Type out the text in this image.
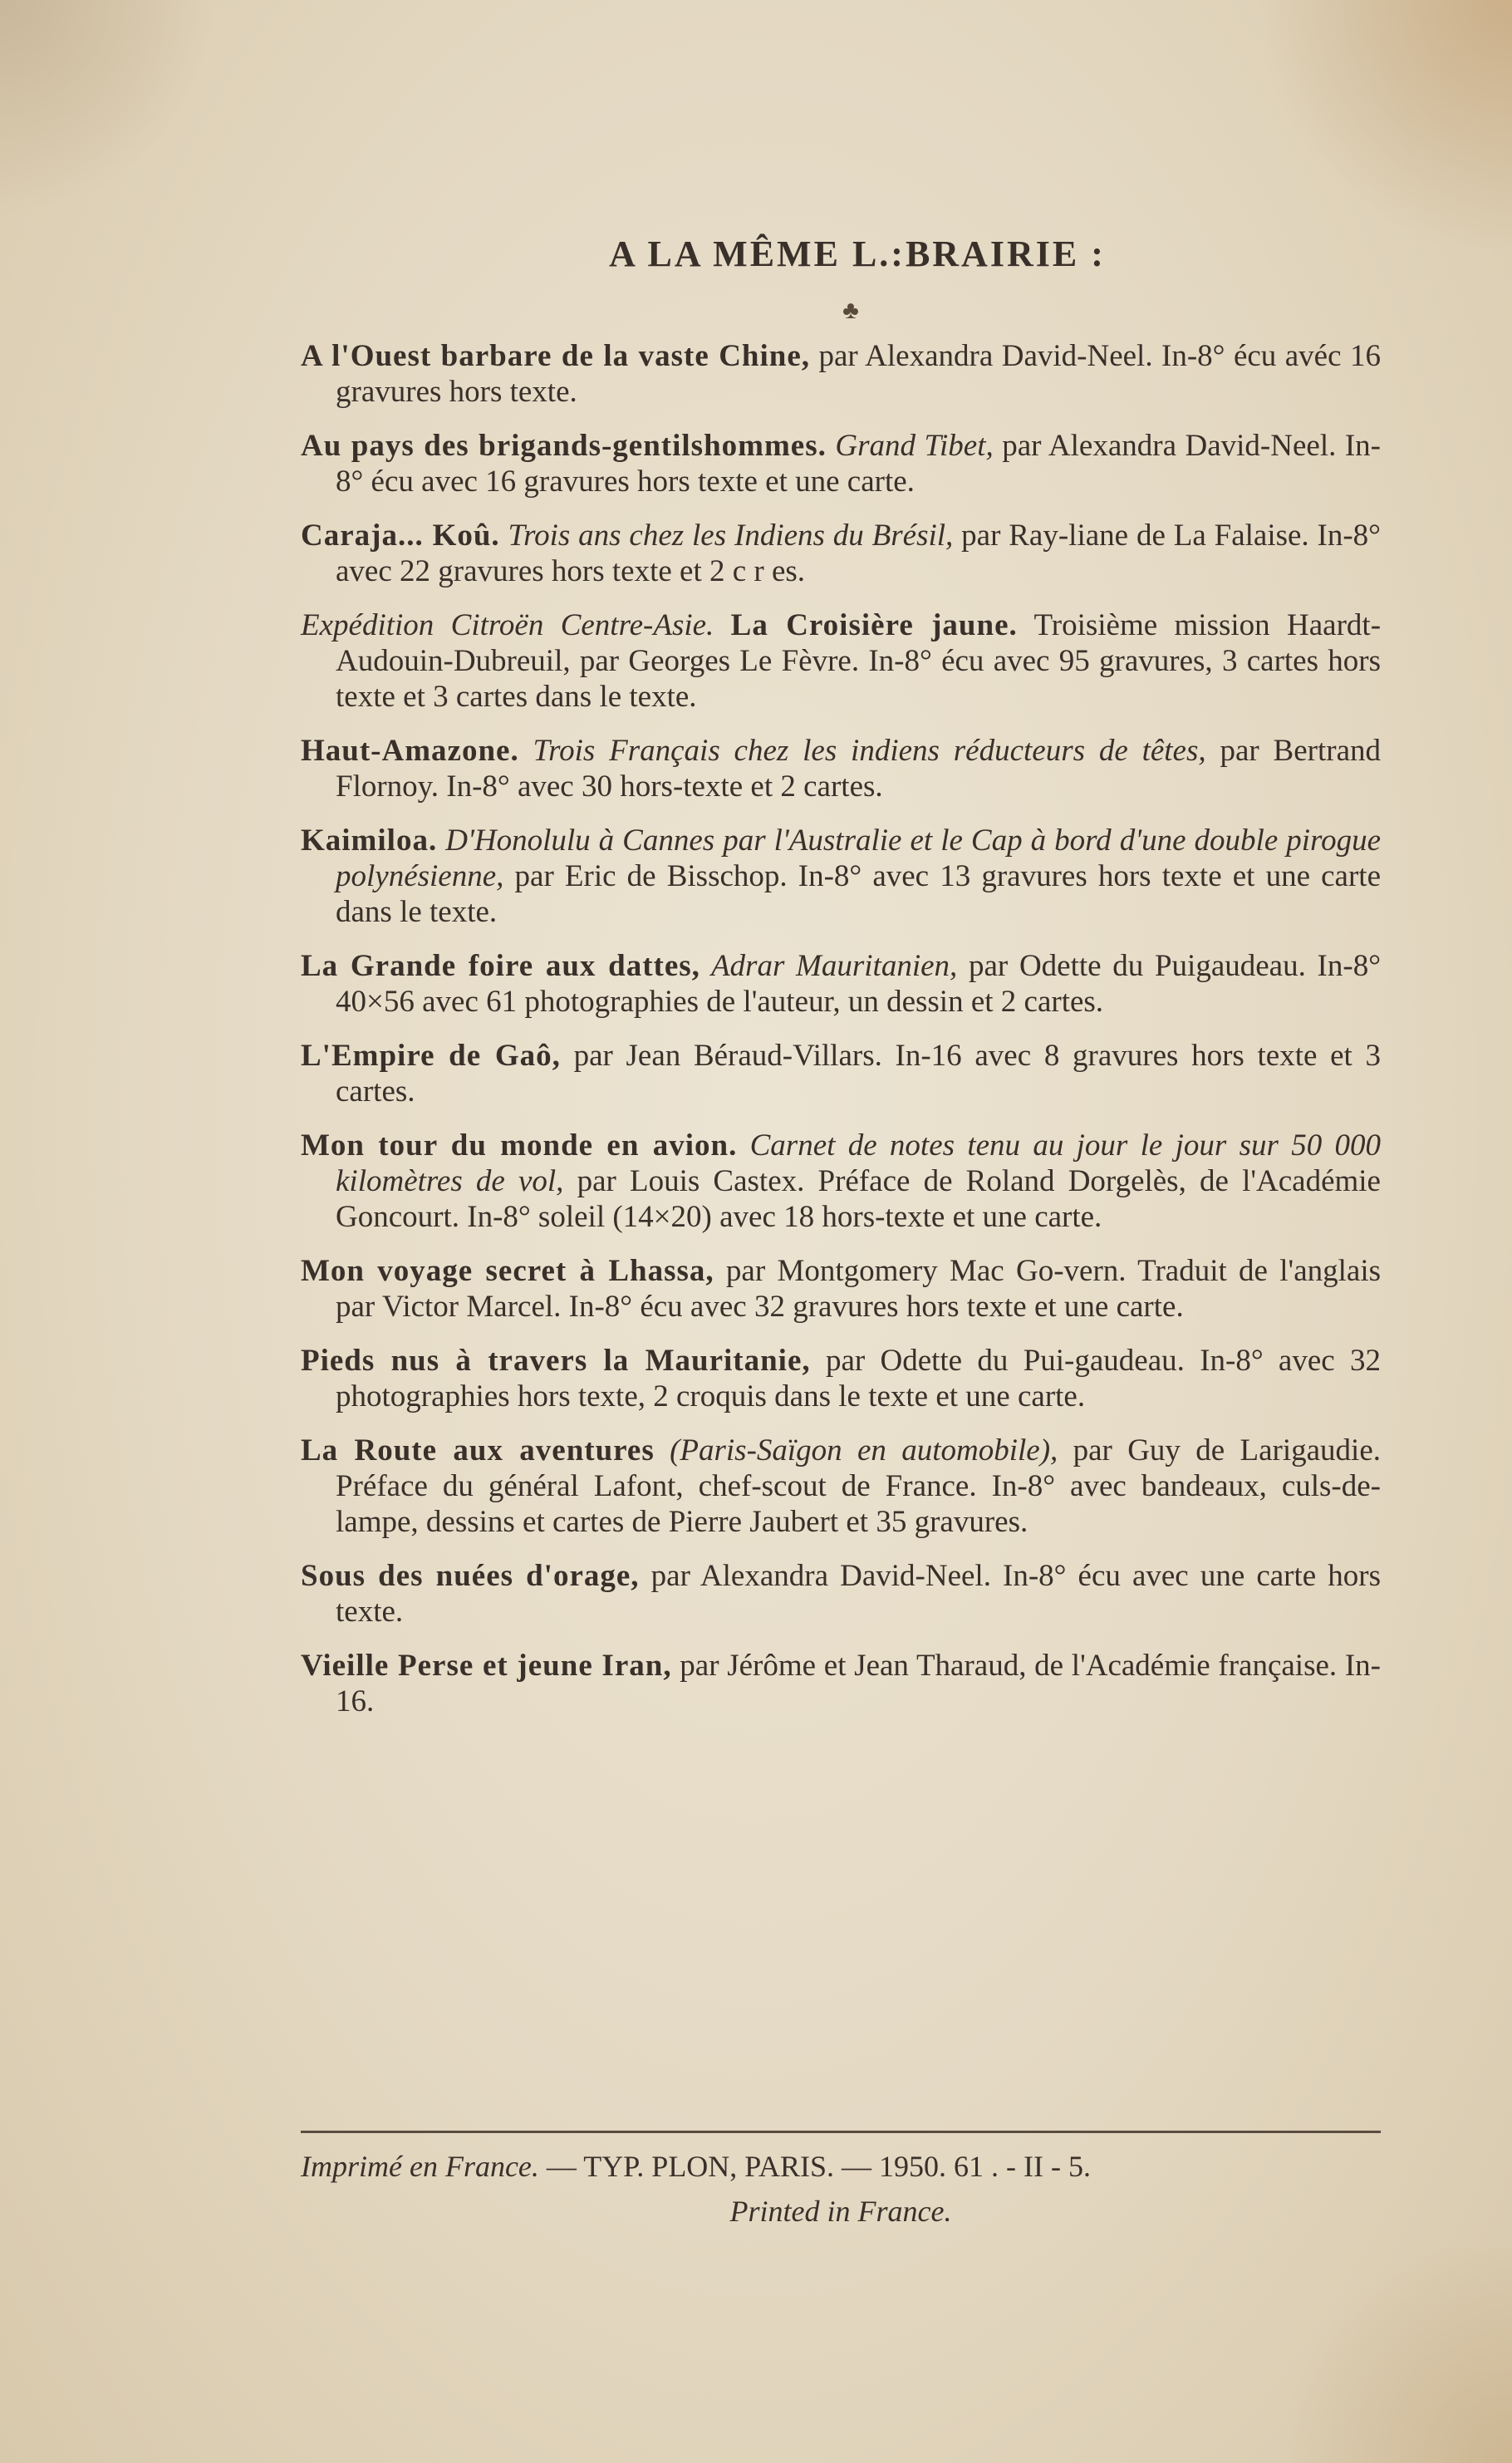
A LA MÊME L.:BRAIRIE :
♣
A l'Ouest barbare de la vaste Chine, par Alexandra David-Neel. In-8° écu avéc 16 gravures hors texte.
Au pays des brigands-gentilshommes. Grand Tibet, par Alexandra David-Neel. In-8° écu avec 16 gravures hors texte et une carte.
Caraja... Koû. Trois ans chez les Indiens du Brésil, par Ray-liane de La Falaise. In-8° avec 22 gravures hors texte et 2 c r es.
Expédition Citroën Centre-Asie. La Croisière jaune. Troisième mission Haardt-Audouin-Dubreuil, par Georges Le Fèvre. In-8° écu avec 95 gravures, 3 cartes hors texte et 3 cartes dans le texte.
Haut-Amazone. Trois Français chez les indiens réducteurs de têtes, par Bertrand Flornoy. In-8° avec 30 hors-texte et 2 cartes.
Kaimiloa. D'Honolulu à Cannes par l'Australie et le Cap à bord d'une double pirogue polynésienne, par Eric de Bisschop. In-8° avec 13 gravures hors texte et une carte dans le texte.
La Grande foire aux dattes, Adrar Mauritanien, par Odette du Puigaudeau. In-8° 40×56 avec 61 photographies de l'auteur, un dessin et 2 cartes.
L'Empire de Gaô, par Jean Béraud-Villars. In-16 avec 8 gravures hors texte et 3 cartes.
Mon tour du monde en avion. Carnet de notes tenu au jour le jour sur 50 000 kilomètres de vol, par Louis Castex. Préface de Roland Dorgelès, de l'Académie Goncourt. In-8° soleil (14×20) avec 18 hors-texte et une carte.
Mon voyage secret à Lhassa, par Montgomery Mac Go-vern. Traduit de l'anglais par Victor Marcel. In-8° écu avec 32 gravures hors texte et une carte.
Pieds nus à travers la Mauritanie, par Odette du Pui-gaudeau. In-8° avec 32 photographies hors texte, 2 croquis dans le texte et une carte.
La Route aux aventures (Paris-Saïgon en automobile), par Guy de Larigaudie. Préface du général Lafont, chef-scout de France. In-8° avec bandeaux, culs-de-lampe, dessins et cartes de Pierre Jaubert et 35 gravures.
Sous des nuées d'orage, par Alexandra David-Neel. In-8° écu avec une carte hors texte.
Vieille Perse et jeune Iran, par Jérôme et Jean Tharaud, de l'Académie française. In-16.
Imprimé en France. — TYP. PLON, PARIS. — 1950. 61 . - II - 5.
Printed in France.
